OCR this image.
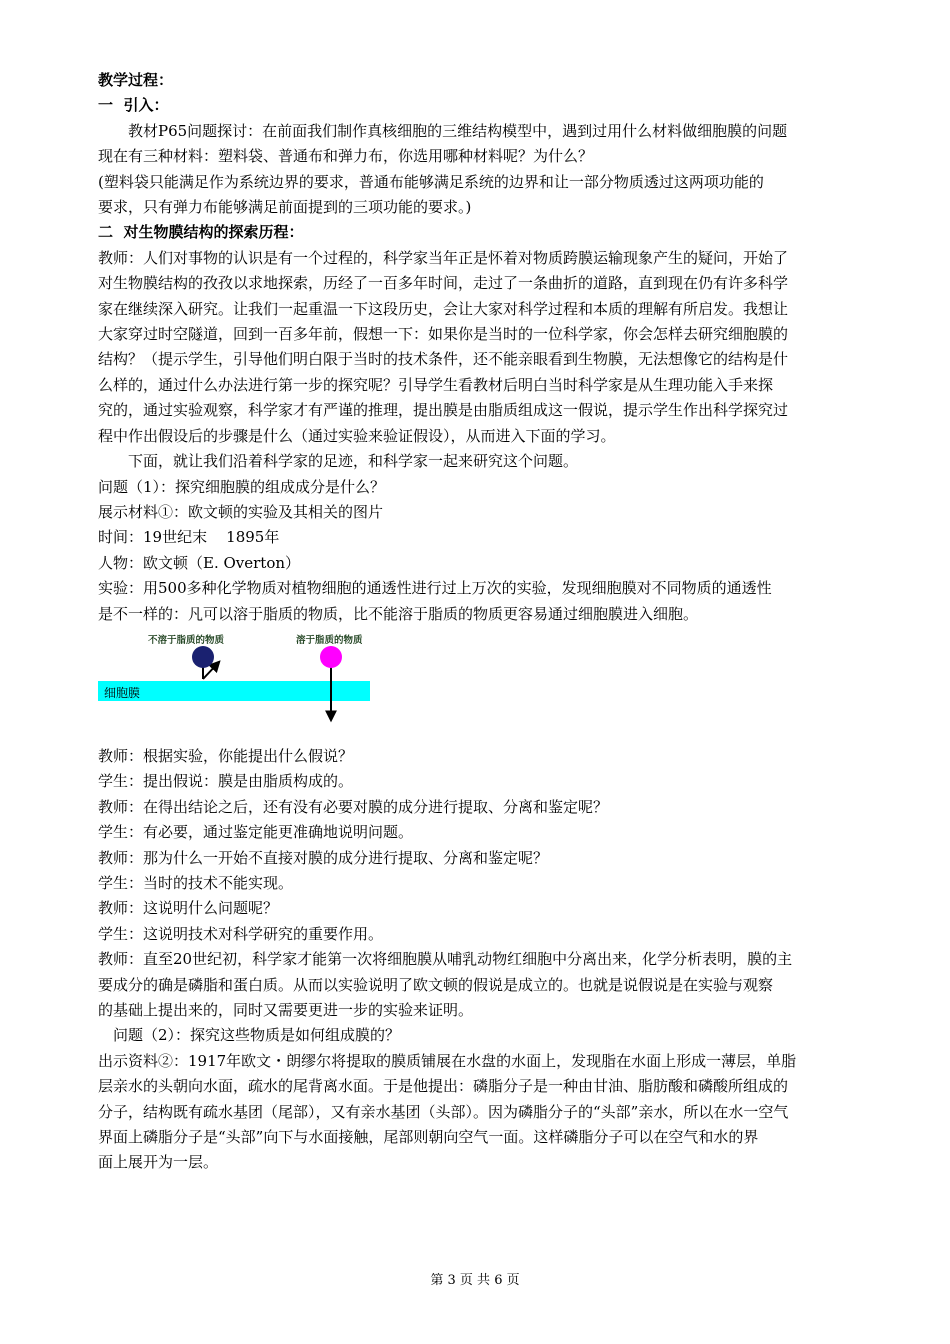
教学过程：

一  引入：

教材P65问题探讨：在前面我们制作真核细胞的三维结构模型中，遇到过用什么材料做细胞膜的问题

现在有三种材料：塑料袋、普通布和弹力布，你选用哪种材料呢？为什么？

(塑料袋只能满足作为系统边界的要求，普通布能够满足系统的边界和让一部分物质透过这两项功能的

要求，只有弹力布能够满足前面提到的三项功能的要求。)

二  对生物膜结构的探索历程：

教师：人们对事物的认识是有一个过程的，科学家当年正是怀着对物质跨膜运输现象产生的疑问，开始了

对生物膜结构的孜孜以求地探索，历经了一百多年时间，走过了一条曲折的道路，直到现在仍有许多科学

家在继续深入研究。让我们一起重温一下这段历史，会让大家对科学过程和本质的理解有所启发。我想让

大家穿过时空隧道，回到一百多年前，假想一下：如果你是当时的一位科学家，你会怎样去研究细胞膜的

结构？（提示学生，引导他们明白限于当时的技术条件，还不能亲眼看到生物膜，无法想像它的结构是什

么样的，通过什么办法进行第一步的探究呢？引导学生看教材后明白当时科学家是从生理功能入手来探

究的，通过实验观察，科学家才有严谨的推理，提出膜是由脂质组成这一假说，提示学生作出科学探究过

程中作出假设后的步骤是什么（通过实验来验证假设），从而进入下面的学习。

下面，就让我们沿着科学家的足迹，和科学家一起来研究这个问题。

问题（1）：探究细胞膜的组成成分是什么？

展示材料①：欧文顿的实验及其相关的图片

时间：19世纪末    1895年

人物：欧文顿（E. Overton）

实验：用500多种化学物质对植物细胞的通透性进行过上万次的实验，发现细胞膜对不同物质的通透性

是不一样的：凡可以溶于脂质的物质，比不能溶于脂质的物质更容易通过细胞膜进入细胞。

不溶于脂质的物质	溶于脂质的物质
细胞膜

教师：根据实验，你能提出什么假说？

学生：提出假说：膜是由脂质构成的。

教师：在得出结论之后，还有没有必要对膜的成分进行提取、分离和鉴定呢？

学生：有必要，通过鉴定能更准确地说明问题。

教师：那为什么一开始不直接对膜的成分进行提取、分离和鉴定呢？

学生：当时的技术不能实现。

教师：这说明什么问题呢？

学生：这说明技术对科学研究的重要作用。

教师：直至20世纪初，科学家才能第一次将细胞膜从哺乳动物红细胞中分离出来，化学分析表明，膜的主

要成分的确是磷脂和蛋白质。从而以实验说明了欧文顿的假说是成立的。也就是说假说是在实验与观察

的基础上提出来的，同时又需要更进一步的实验来证明。

问题（2）：探究这些物质是如何组成膜的？

出示资料②：1917年欧文・朗缪尔将提取的膜质铺展在水盘的水面上，发现脂在水面上形成一薄层，单脂

层亲水的头朝向水面，疏水的尾背离水面。于是他提出：磷脂分子是一种由甘油、脂肪酸和磷酸所组成的

分子，结构既有疏水基团（尾部），又有亲水基团（头部）。因为磷脂分子的“头部”亲水，所以在水一空气

界面上磷脂分子是“头部”向下与水面接触，尾部则朝向空气一面。这样磷脂分子可以在空气和水的界

面上展开为一层。

第 3 页 共 6 页
